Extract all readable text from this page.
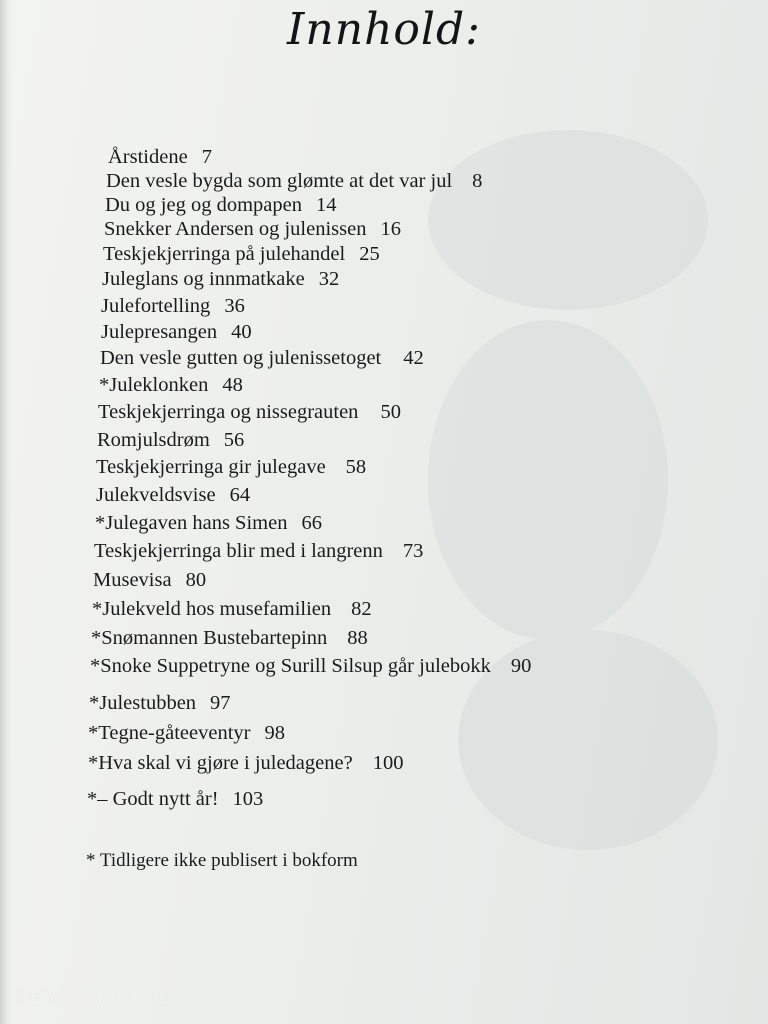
Innhold:
Årstidene 7
Den vesle bygda som glømte at det var jul 8
Du og jeg og dompapen 14
Snekker Andersen og julenissen 16
Teskjekjerringa på julehandel 25
Juleglans og innmatkake 32
Julefortelling 36
Julepresangen 40
Den vesle gutten og julenissetoget 42
*Juleklonken 48
Teskjekjerringa og nissegrauten 50
Romjulsdrøm 56
Teskjekjerringa gir julegave 58
Julekveldsvise 64
*Julegaven hans Simen 66
Teskjekjerringa blir med i langrenn 73
Musevisa 80
*Julekveld hos musefamilien 82
*Snømannen Bustebartepinn 88
*Snoke Suppetryne og Surill Silsup går julebokk 90
*Julestubben 97
*Tegne-gåteeventyr 98
*Hva skal vi gjøre i juledagene? 100
*– Godt nytt år! 103
* Tidligere ikke publisert i bokform
©Eventyrbok.no
